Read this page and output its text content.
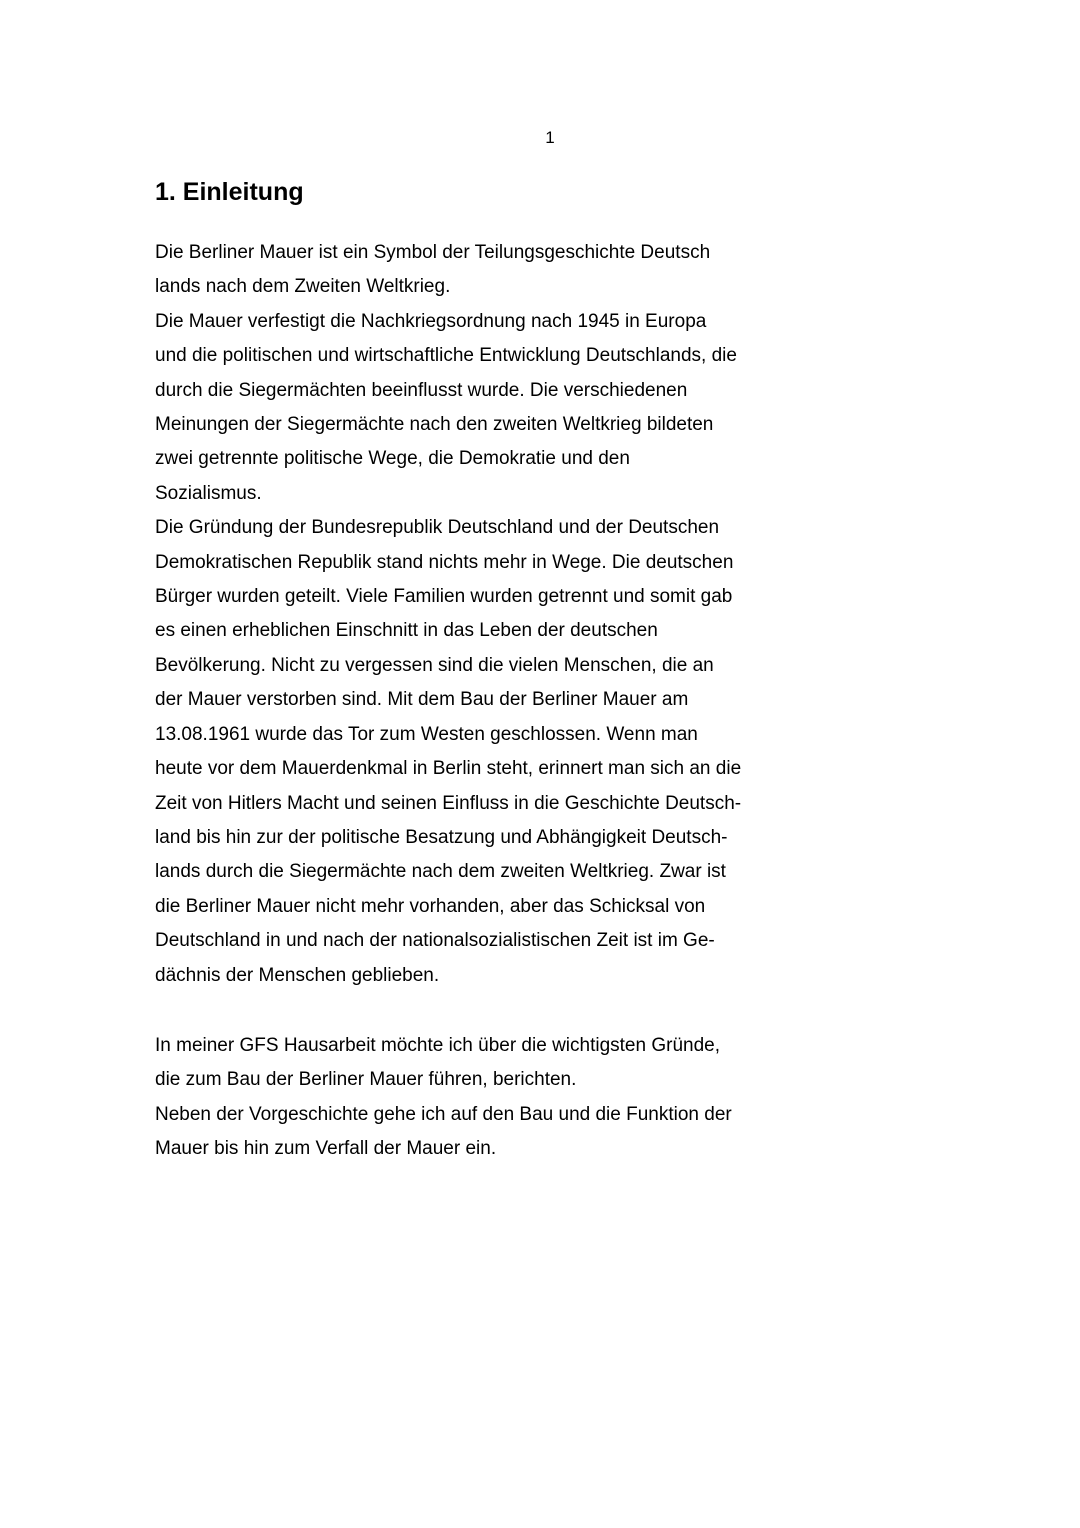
1
1. Einleitung
Die Berliner Mauer ist ein Symbol der Teilungsgeschichte Deutsch
lands nach dem Zweiten Weltkrieg.
Die Mauer verfestigt die Nachkriegsordnung nach 1945 in Europa
und die politischen und wirtschaftliche Entwicklung Deutschlands, die
durch die Siegermächten beeinflusst wurde. Die verschiedenen
Meinungen der Siegermächte nach den zweiten Weltkrieg bildeten
zwei getrennte politische Wege, die Demokratie und den
Sozialismus.
Die Gründung der Bundesrepublik Deutschland und der Deutschen
Demokratischen Republik stand nichts mehr in Wege. Die deutschen
Bürger wurden geteilt. Viele Familien wurden getrennt und somit gab
es einen erheblichen Einschnitt in das Leben der deutschen
Bevölkerung. Nicht zu vergessen sind die vielen Menschen, die an
der Mauer verstorben sind. Mit dem Bau der Berliner Mauer am
13.08.1961 wurde das Tor zum Westen geschlossen. Wenn man
heute vor dem Mauerdenkmal in Berlin steht, erinnert man sich an die
Zeit von Hitlers Macht und seinen Einfluss in die Geschichte Deutsch-
land bis hin zur der politische Besatzung und Abhängigkeit Deutsch-
lands durch die Siegermächte nach dem zweiten Weltkrieg. Zwar ist
die Berliner Mauer nicht mehr vorhanden, aber das Schicksal von
Deutschland in und nach der nationalsozialistischen Zeit ist im Ge-
dächnis der Menschen geblieben.
In meiner GFS Hausarbeit möchte ich über die wichtigsten Gründe,
die zum Bau der Berliner Mauer führen, berichten.
Neben der Vorgeschichte gehe ich auf den Bau und die Funktion der
Mauer bis hin zum Verfall der Mauer ein.
